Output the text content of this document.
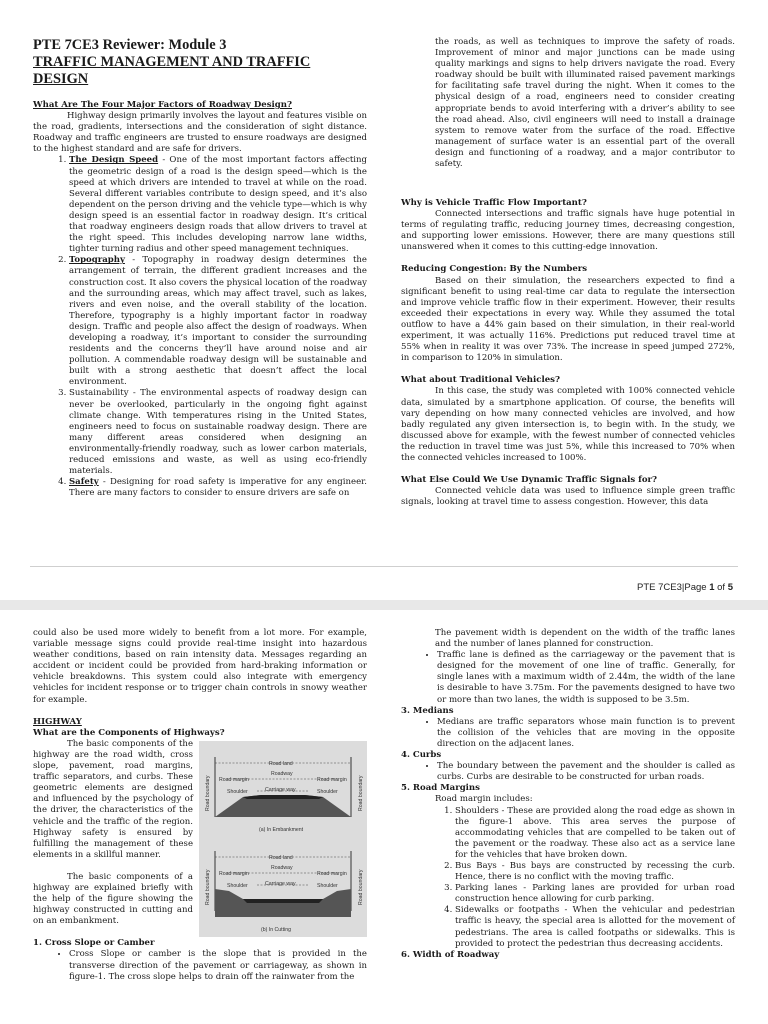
PTE 7CE3 Reviewer: Module 3
TRAFFIC MANAGEMENT AND TRAFFIC DESIGN

What Are The Four Major Factors of Roadway Design?

Highway design primarily involves the layout and features visible on the road, gradients, intersections and the consideration of sight distance. Roadway and traffic engineers are trusted to ensure roadways are designed to the highest standard and are safe for drivers.

1. The Design Speed - One of the most important factors affecting the geometric design of a road is the design speed—which is the speed at which drivers are intended to travel at while on the road. Several different variables contribute to design speed, and it’s also dependent on the person driving and the vehicle type—which is why design speed is an essential factor in roadway design. It’s critical that roadway engineers design roads that allow drivers to travel at the right speed. This includes developing narrow lane widths, tighter turning radius and other speed management techniques.
2. Topography - Topography in roadway design determines the arrangement of terrain, the different gradient increases and the construction cost. It also covers the physical location of the roadway and the surrounding areas, which may affect travel, such as lakes, rivers and even noise, and the overall stability of the location. Therefore, typography is a highly important factor in roadway design. Traffic and people also affect the design of roadways. When developing a roadway, it’s important to consider the surrounding residents and the concerns they’ll have around noise and air pollution. A commendable roadway design will be sustainable and built with a strong aesthetic that doesn’t affect the local environment.
3. Sustainability - The environmental aspects of roadway design can never be overlooked, particularly in the ongoing fight against climate change. With temperatures rising in the United States, engineers need to focus on sustainable roadway design. There are many different areas considered when designing an environmentally-friendly roadway, such as lower carbon materials, reduced emissions and waste, as well as using eco-friendly materials.
4. Safety - Designing for road safety is imperative for any engineer. There are many factors to consider to ensure drivers are safe on

the roads, as well as techniques to improve the safety of roads. Improvement of minor and major junctions can be made using quality markings and signs to help drivers navigate the road. Every roadway should be built with illuminated raised pavement markings for facilitating safe travel during the night. When it comes to the physical design of a road, engineers need to consider creating appropriate bends to avoid interfering with a driver’s ability to see the road ahead. Also, civil engineers will need to install a drainage system to remove water from the surface of the road. Effective management of surface water is an essential part of the overall design and functioning of a roadway, and a major contributor to safety.

Why is Vehicle Traffic Flow Important?

Connected intersections and traffic signals have huge potential in terms of regulating traffic, reducing journey times, decreasing congestion, and supporting lower emissions. However, there are many questions still unanswered when it comes to this cutting-edge innovation.

Reducing Congestion: By the Numbers

Based on their simulation, the researchers expected to find a significant benefit to using real-time car data to regulate the intersection and improve vehicle traffic flow in their experiment. However, their results exceeded their expectations in every way. While they assumed the total outflow to have a 44% gain based on their simulation, in their real-world experiment, it was actually 116%. Predictions put reduced travel time at 55% when in reality it was over 73%. The increase in speed jumped 272%, in comparison to 120% in simulation.

What about Traditional Vehicles?

In this case, the study was completed with 100% connected vehicle data, simulated by a smartphone application. Of course, the benefits will vary depending on how many connected vehicles are involved, and how badly regulated any given intersection is, to begin with. In the study, we discussed above for example, with the fewest number of connected vehicles the reduction in travel time was just 5%, while this increased to 70% when the connected vehicles increased to 100%.

What Else Could We Use Dynamic Traffic Signals for?

Connected vehicle data was used to influence simple green traffic signals, looking at travel time to assess congestion. However, this data

PTE 7CE3|Page 1 of 5

could also be used more widely to benefit from a lot more. For example, variable message signs could provide real-time insight into hazardous weather conditions, based on rain intensity data. Messages regarding an accident or incident could be provided from hard-braking information or vehicle breakdowns. This system could also integrate with emergency vehicles for incident response or to trigger chain controls in snowy weather for example.

HIGHWAY

What are the Components of Highways?

Road land
Roadway
Road margin	Road margin
Carriage way
Shoulder	Shoulder
(a) In Embankment
Road land
Roadway
Road margin	Road margin
Carriage way
Shoulder	Shoulder
(b) In Cutting
Road boundary	Road boundary
Road boundary	Road boundary

The basic components of the highway are the road width, cross slope, pavement, road margins, traffic separators, and curbs. These geometric elements are designed and influenced by the psychology of the driver, the characteristics of the vehicle and the traffic of the region. Highway safety is ensured by fulfilling the management of these elements in a skillful manner.

The basic components of a highway are explained briefly with the help of the figure showing the highway constructed in cutting and on an embankment.

1. Cross Slope or Camber

• Cross Slope or camber is the slope that is provided in the transverse direction of the pavement or carriageway, as shown in figure-1. The cross slope helps to drain off the rainwater from the

The pavement width is dependent on the width of the traffic lanes and the number of lanes planned for construction.

• Traffic lane is defined as the carriageway or the pavement that is designed for the movement of one line of traffic. Generally, for single lanes with a maximum width of 2.44m, the width of the lane is desirable to have 3.75m. For the pavements designed to have two or more than two lanes, the width is supposed to be 3.5m.

3. Medians

• Medians are traffic separators whose main function is to prevent the collision of the vehicles that are moving in the opposite direction on the adjacent lanes.

4. Curbs

• The boundary between the pavement and the shoulder is called as curbs. Curbs are desirable to be constructed for urban roads.

5. Road Margins

Road margin includes:

1. Shoulders - These are provided along the road edge as shown in the figure-1 above. This area serves the purpose of accommodating vehicles that are compelled to be taken out of the pavement or the roadway. These also act as a service lane for the vehicles that have broken down.
2. Bus Bays - Bus bays are constructed by recessing the curb. Hence, there is no conflict with the moving traffic.
3. Parking lanes - Parking lanes are provided for urban road construction hence allowing for curb parking.
4. Sidewalks or footpaths - When the vehicular and pedestrian traffic is heavy, the special area is allotted for the movement of pedestrians. The area is called footpaths or sidewalks. This is provided to protect the pedestrian thus decreasing accidents.

6. Width of Roadway
